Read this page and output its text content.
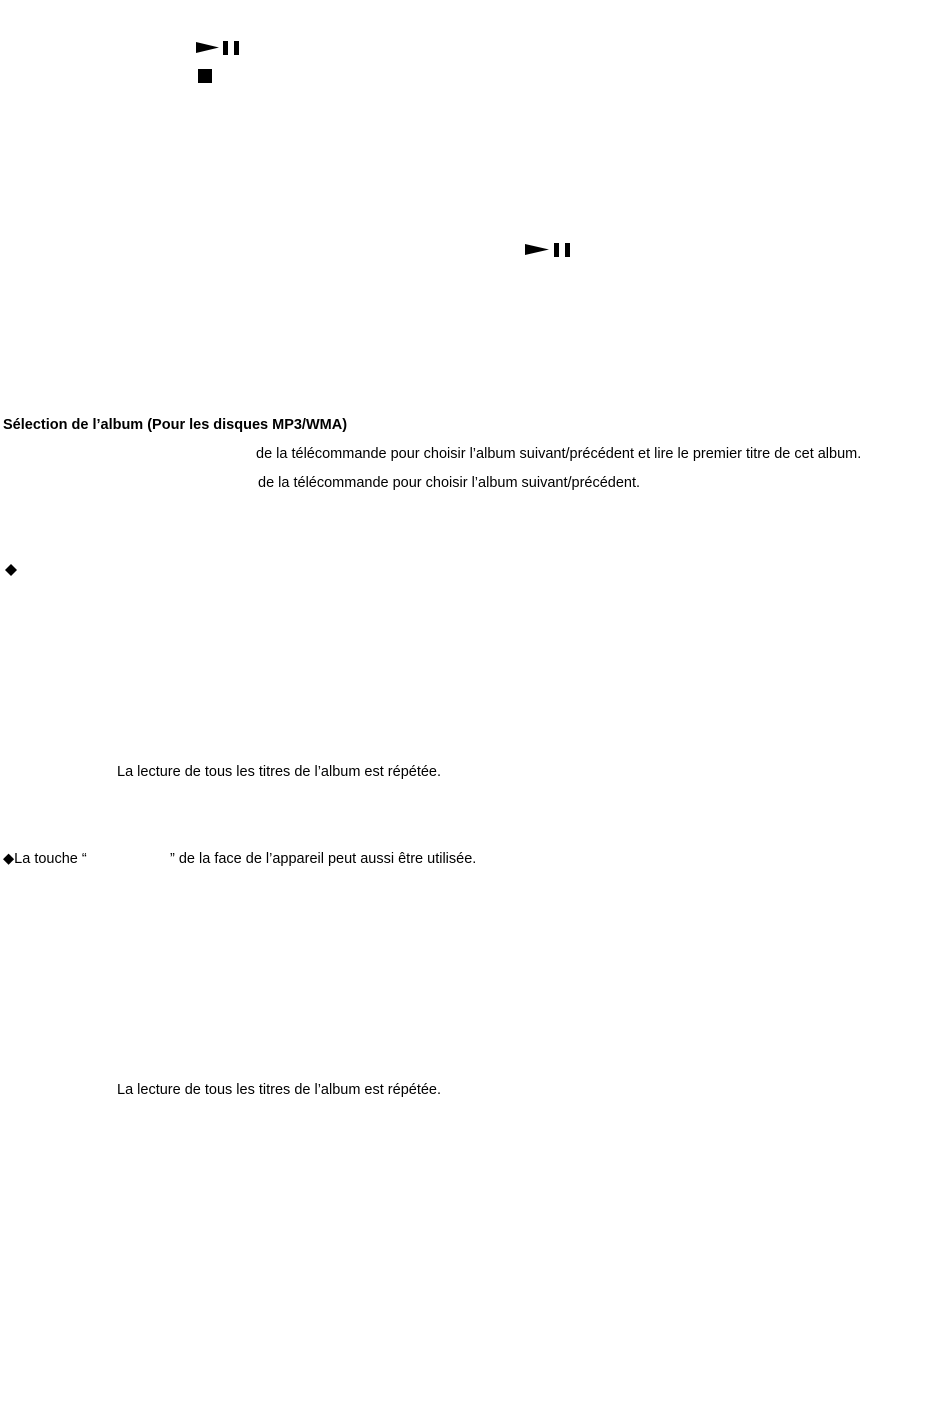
Sélection de l’album (Pour les disques MP3/WMA)
de la télécommande pour choisir l’album suivant/précédent et lire le premier titre de cet album.
de la télécommande pour choisir l’album suivant/précédent.
La lecture de tous les titres de l’album est répétée.
◆La touche “	” de la face de l’appareil peut aussi être utilisée.
La lecture de tous les titres de l’album est répétée.
